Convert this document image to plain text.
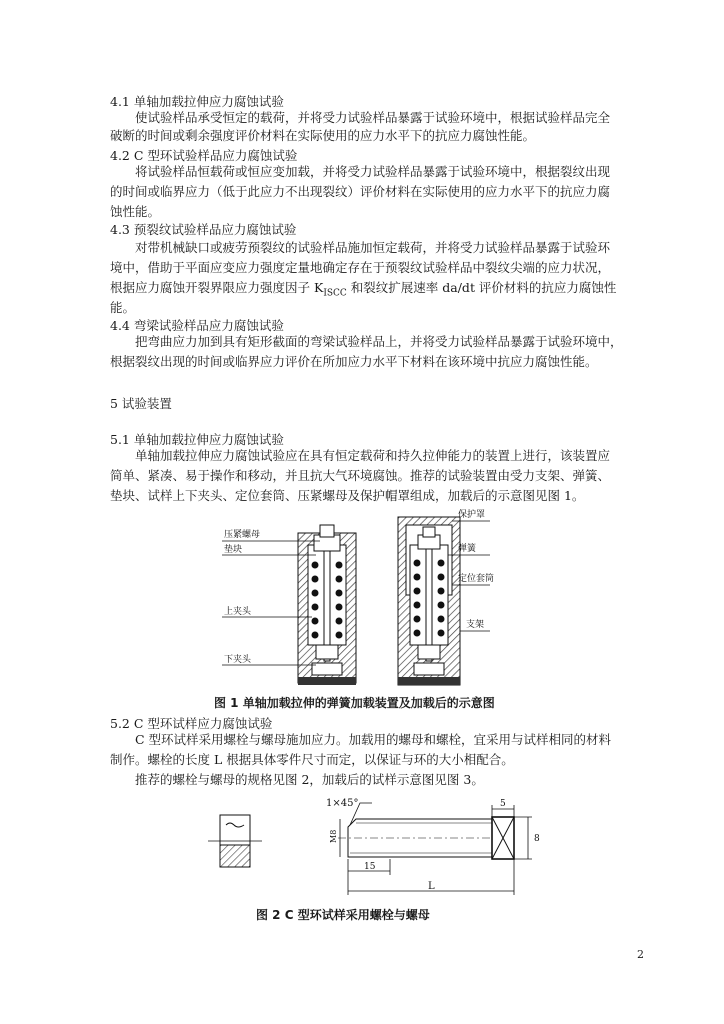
4.1 单轴加载拉伸应力腐蚀试验
使试验样品承受恒定的载荷，并将受力试验样品暴露于试验环境中，根据试验样品完全
破断的时间或剩余强度评价材料在实际使用的应力水平下的抗应力腐蚀性能。
4.2 C 型环试验样品应力腐蚀试验
将试验样品恒载荷或恒应变加载，并将受力试验样品暴露于试验环境中，根据裂纹出现
的时间或临界应力（低于此应力不出现裂纹）评价材料在实际使用的应力水平下的抗应力腐
蚀性能。
4.3 预裂纹试验样品应力腐蚀试验
对带机械缺口或疲劳预裂纹的试验样品施加恒定载荷，并将受力试验样品暴露于试验环
境中，借助于平面应变应力强度定量地确定存在于预裂纹试验样品中裂纹尖端的应力状况，
根据应力腐蚀开裂界限应力强度因子 $K_{ISCC}$ 和裂纹扩展速率 da/dt 评价材料的抗应力腐蚀性
能。
4.4 弯梁试验样品应力腐蚀试验
把弯曲应力加到具有矩形截面的弯梁试验样品上，并将受力试验样品暴露于试验环境中，
根据裂纹出现的时间或临界应力评价在所加应力水平下材料在该环境中抗应力腐蚀性能。
5 试验装置
5.1 单轴加载拉伸应力腐蚀试验
单轴加载拉伸应力腐蚀试验应在具有恒定载荷和持久拉伸能力的装置上进行，该装置应
简单、紧凑、易于操作和移动，并且抗大气环境腐蚀。推荐的试验装置由受力支架、弹簧、
垫块、试样上下夹头、定位套筒、压紧螺母及保护帽罩组成，加载后的示意图见图 1。
压紧螺母
垫块
上夹头
下夹头
保护罩
弹簧
定位套筒
支架
图 1 单轴加载拉伸的弹簧加载装置及加载后的示意图
5.2 C 型环试样应力腐蚀试验
C 型环试样采用螺栓与螺母施加应力。加载用的螺母和螺栓，宜采用与试样相同的材料
制作。螺栓的长度 L 根据具体零件尺寸而定，以保证与环的大小相配合。
推荐的螺栓与螺母的规格见图 2，加载后的试样示意图见图 3。
1×45°
M8
15
L
5
8
图 2 C 型环试样采用螺栓与螺母
2
